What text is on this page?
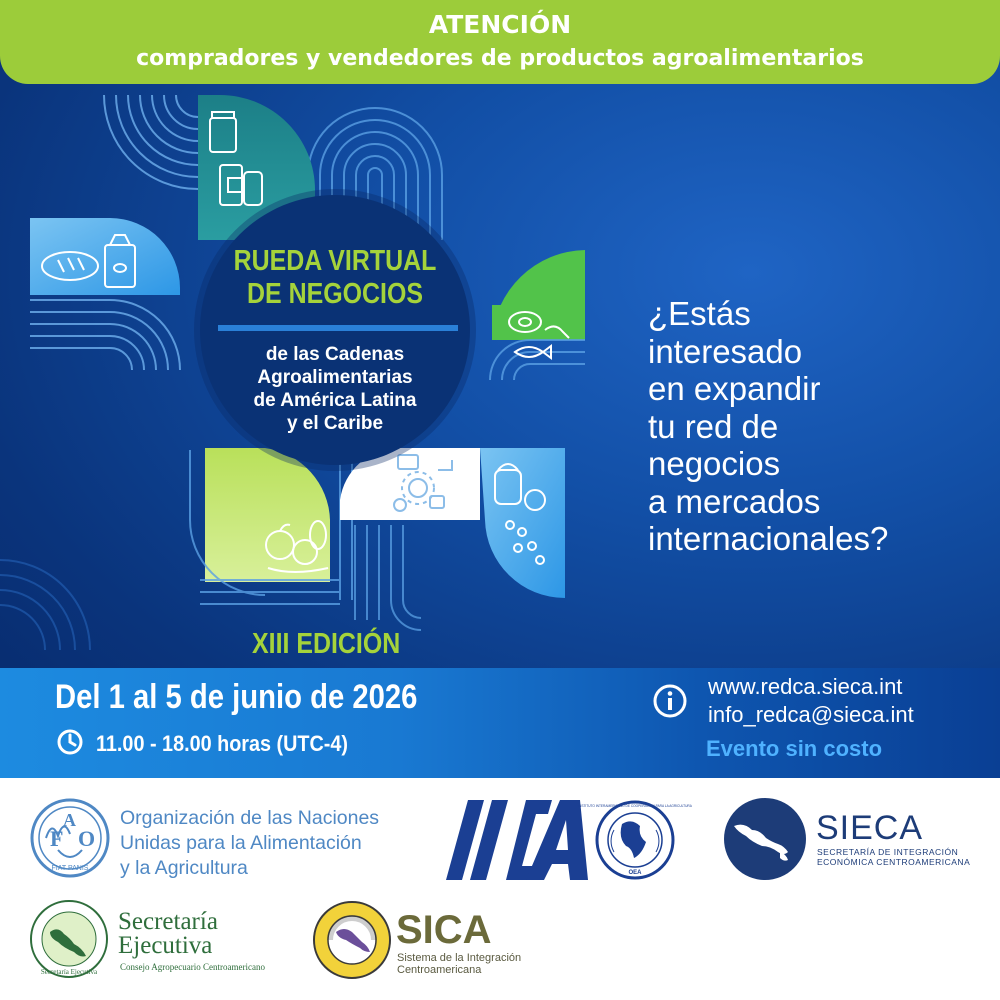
RUEDA VIRTUAL
DE NEGOCIOS
de las Cadenas
Agroalimentarias
de América Latina
y el Caribe
¿Estás
interesado
en expandir
tu red de
negocios
a mercados
internacionales?
XIII EDICIÓN
Del 1 al 5 de junio de 2026
11.00 - 18.00 horas (UTC-4)
www.redca.sieca.int
info_redca@sieca.int
Evento sin costo
ATENCIÓN
compradores y vendedores de productos agroalimentarios
F
A
O
FIAT PANIS
Organización de las Naciones
Unidas para la Alimentación
y la Agricultura	OEA
INSTITUTO INTERAMERICANO DE COOPERACION PARA LA AGRICULTURA
SIECA
SECRETARÍA DE INTEGRACIÓN
ECONÓMICA CENTROAMERICANA
Secretaría Ejecutiva
Secretaría
Ejecutiva
Consejo Agropecuario Centroamericano
SICA
Sistema de la Integración
Centroamericana
